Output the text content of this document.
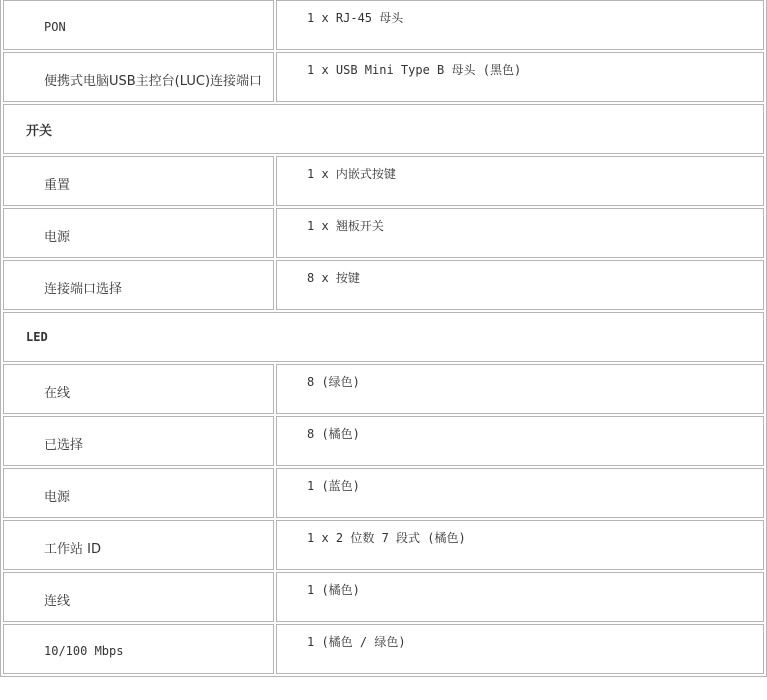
PON	1 x RJ-45 母头
便携式电脑USB主控台(LUC)连接端口	1 x USB Mini Type B 母头 (黑色)
开关	
重置	1 x 内嵌式按键
电源	1 x 翘板开关
连接端口选择	8 x 按键
LED	
在线	8 (绿色)
已选择	8 (橘色)
电源	1 (蓝色)
工作站 ID	1 x 2 位数 7 段式 (橘色)
连线	1 (橘色)
10/100 Mbps	1 (橘色 / 绿色)
